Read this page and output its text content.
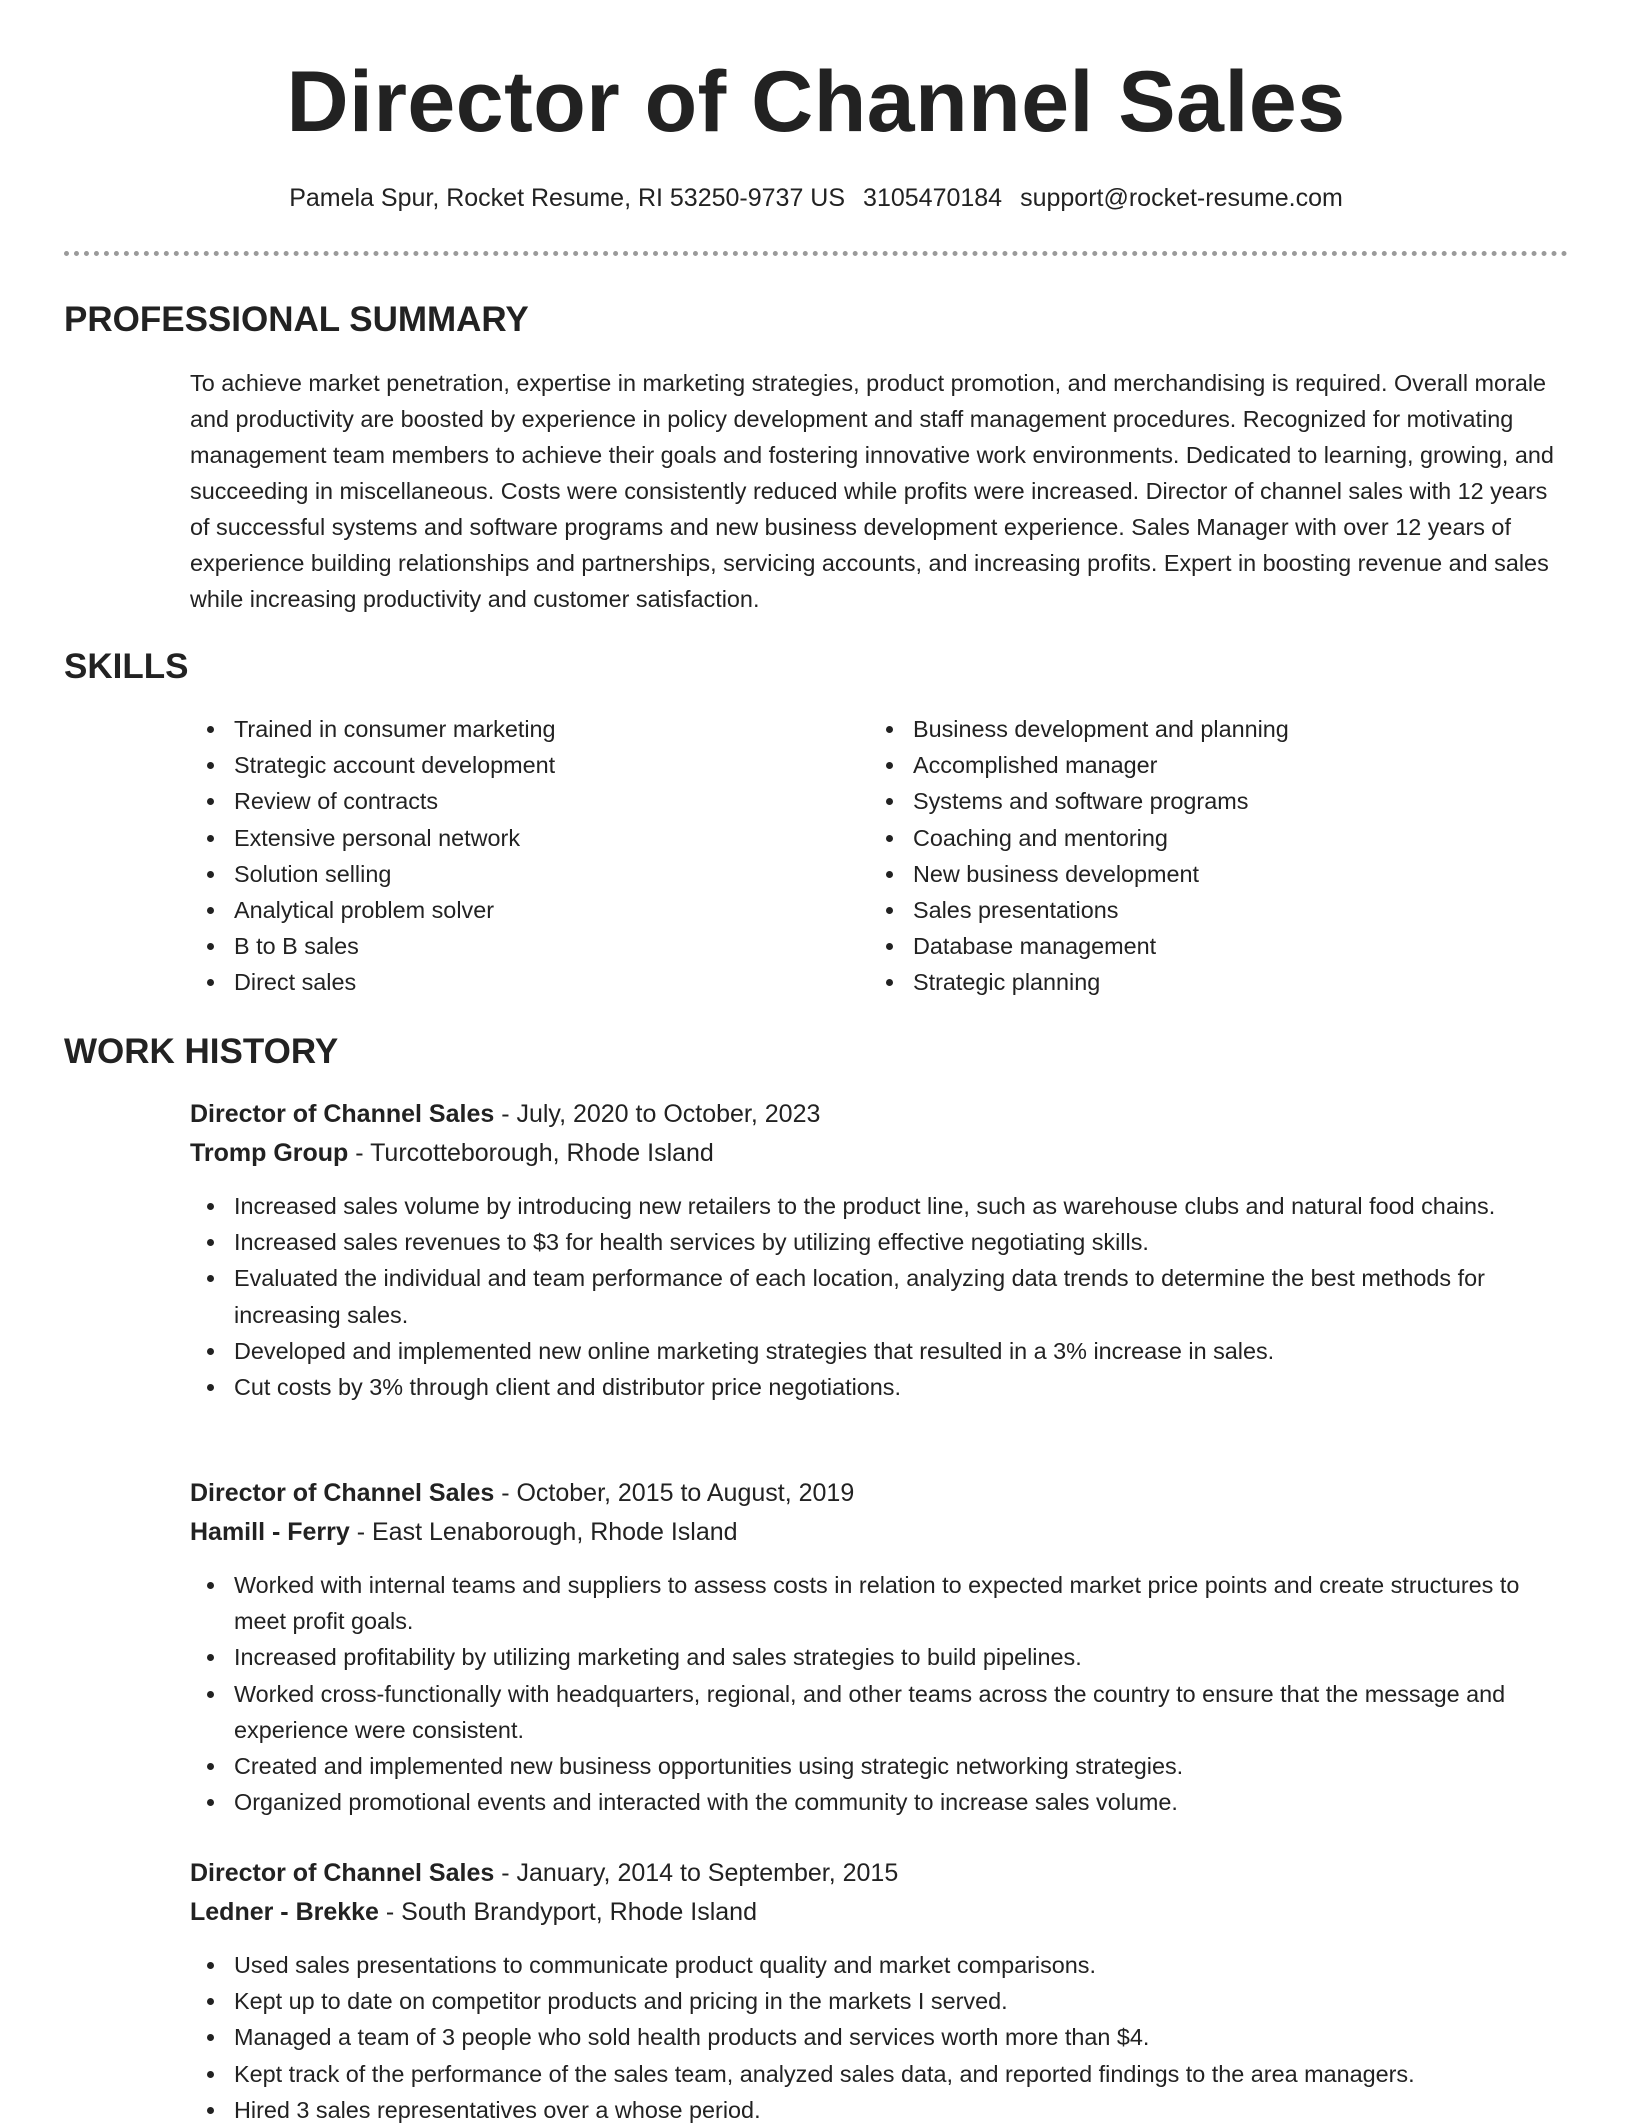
Director of Channel Sales
Pamela Spur, Rocket Resume, RI 53250-9737 US 3105470184 support@rocket-resume.com
PROFESSIONAL SUMMARY

To achieve market penetration, expertise in marketing strategies, product promotion, and merchandising is required. Overall morale and productivity are boosted by experience in policy development and staff management procedures. Recognized for motivating management team members to achieve their goals and fostering innovative work environments. Dedicated to learning, growing, and succeeding in miscellaneous. Costs were consistently reduced while profits were increased. Director of channel sales with 12 years of successful systems and software programs and new business development experience. Sales Manager with over 12 years of experience building relationships and partnerships, servicing accounts, and increasing profits. Expert in boosting revenue and sales while increasing productivity and customer satisfaction.

SKILLS
Trained in consumer marketing
Strategic account development
Review of contracts
Extensive personal network
Solution selling
Analytical problem solver
B to B sales
Direct sales
Business development and planning
Accomplished manager
Systems and software programs
Coaching and mentoring
New business development
Sales presentations
Database management
Strategic planning
WORK HISTORY
Director of Channel Sales - July, 2020 to October, 2023
Tromp Group - Turcotteborough, Rhode Island
Increased sales volume by introducing new retailers to the product line, such as warehouse clubs and natural food chains.
Increased sales revenues to $3 for health services by utilizing effective negotiating skills.
Evaluated the individual and team performance of each location, analyzing data trends to determine the best methods for increasing sales.
Developed and implemented new online marketing strategies that resulted in a 3% increase in sales.
Cut costs by 3% through client and distributor price negotiations.
Director of Channel Sales - October, 2015 to August, 2019
Hamill - Ferry - East Lenaborough, Rhode Island
Worked with internal teams and suppliers to assess costs in relation to expected market price points and create structures to meet profit goals.
Increased profitability by utilizing marketing and sales strategies to build pipelines.
Worked cross-functionally with headquarters, regional, and other teams across the country to ensure that the message and experience were consistent.
Created and implemented new business opportunities using strategic networking strategies.
Organized promotional events and interacted with the community to increase sales volume.
Director of Channel Sales - January, 2014 to September, 2015
Ledner - Brekke - South Brandyport, Rhode Island
Used sales presentations to communicate product quality and market comparisons.
Kept up to date on competitor products and pricing in the markets I served.
Managed a team of 3 people who sold health products and services worth more than $4.
Kept track of the performance of the sales team, analyzed sales data, and reported findings to the area managers.
Hired 3 sales representatives over a whose period.
